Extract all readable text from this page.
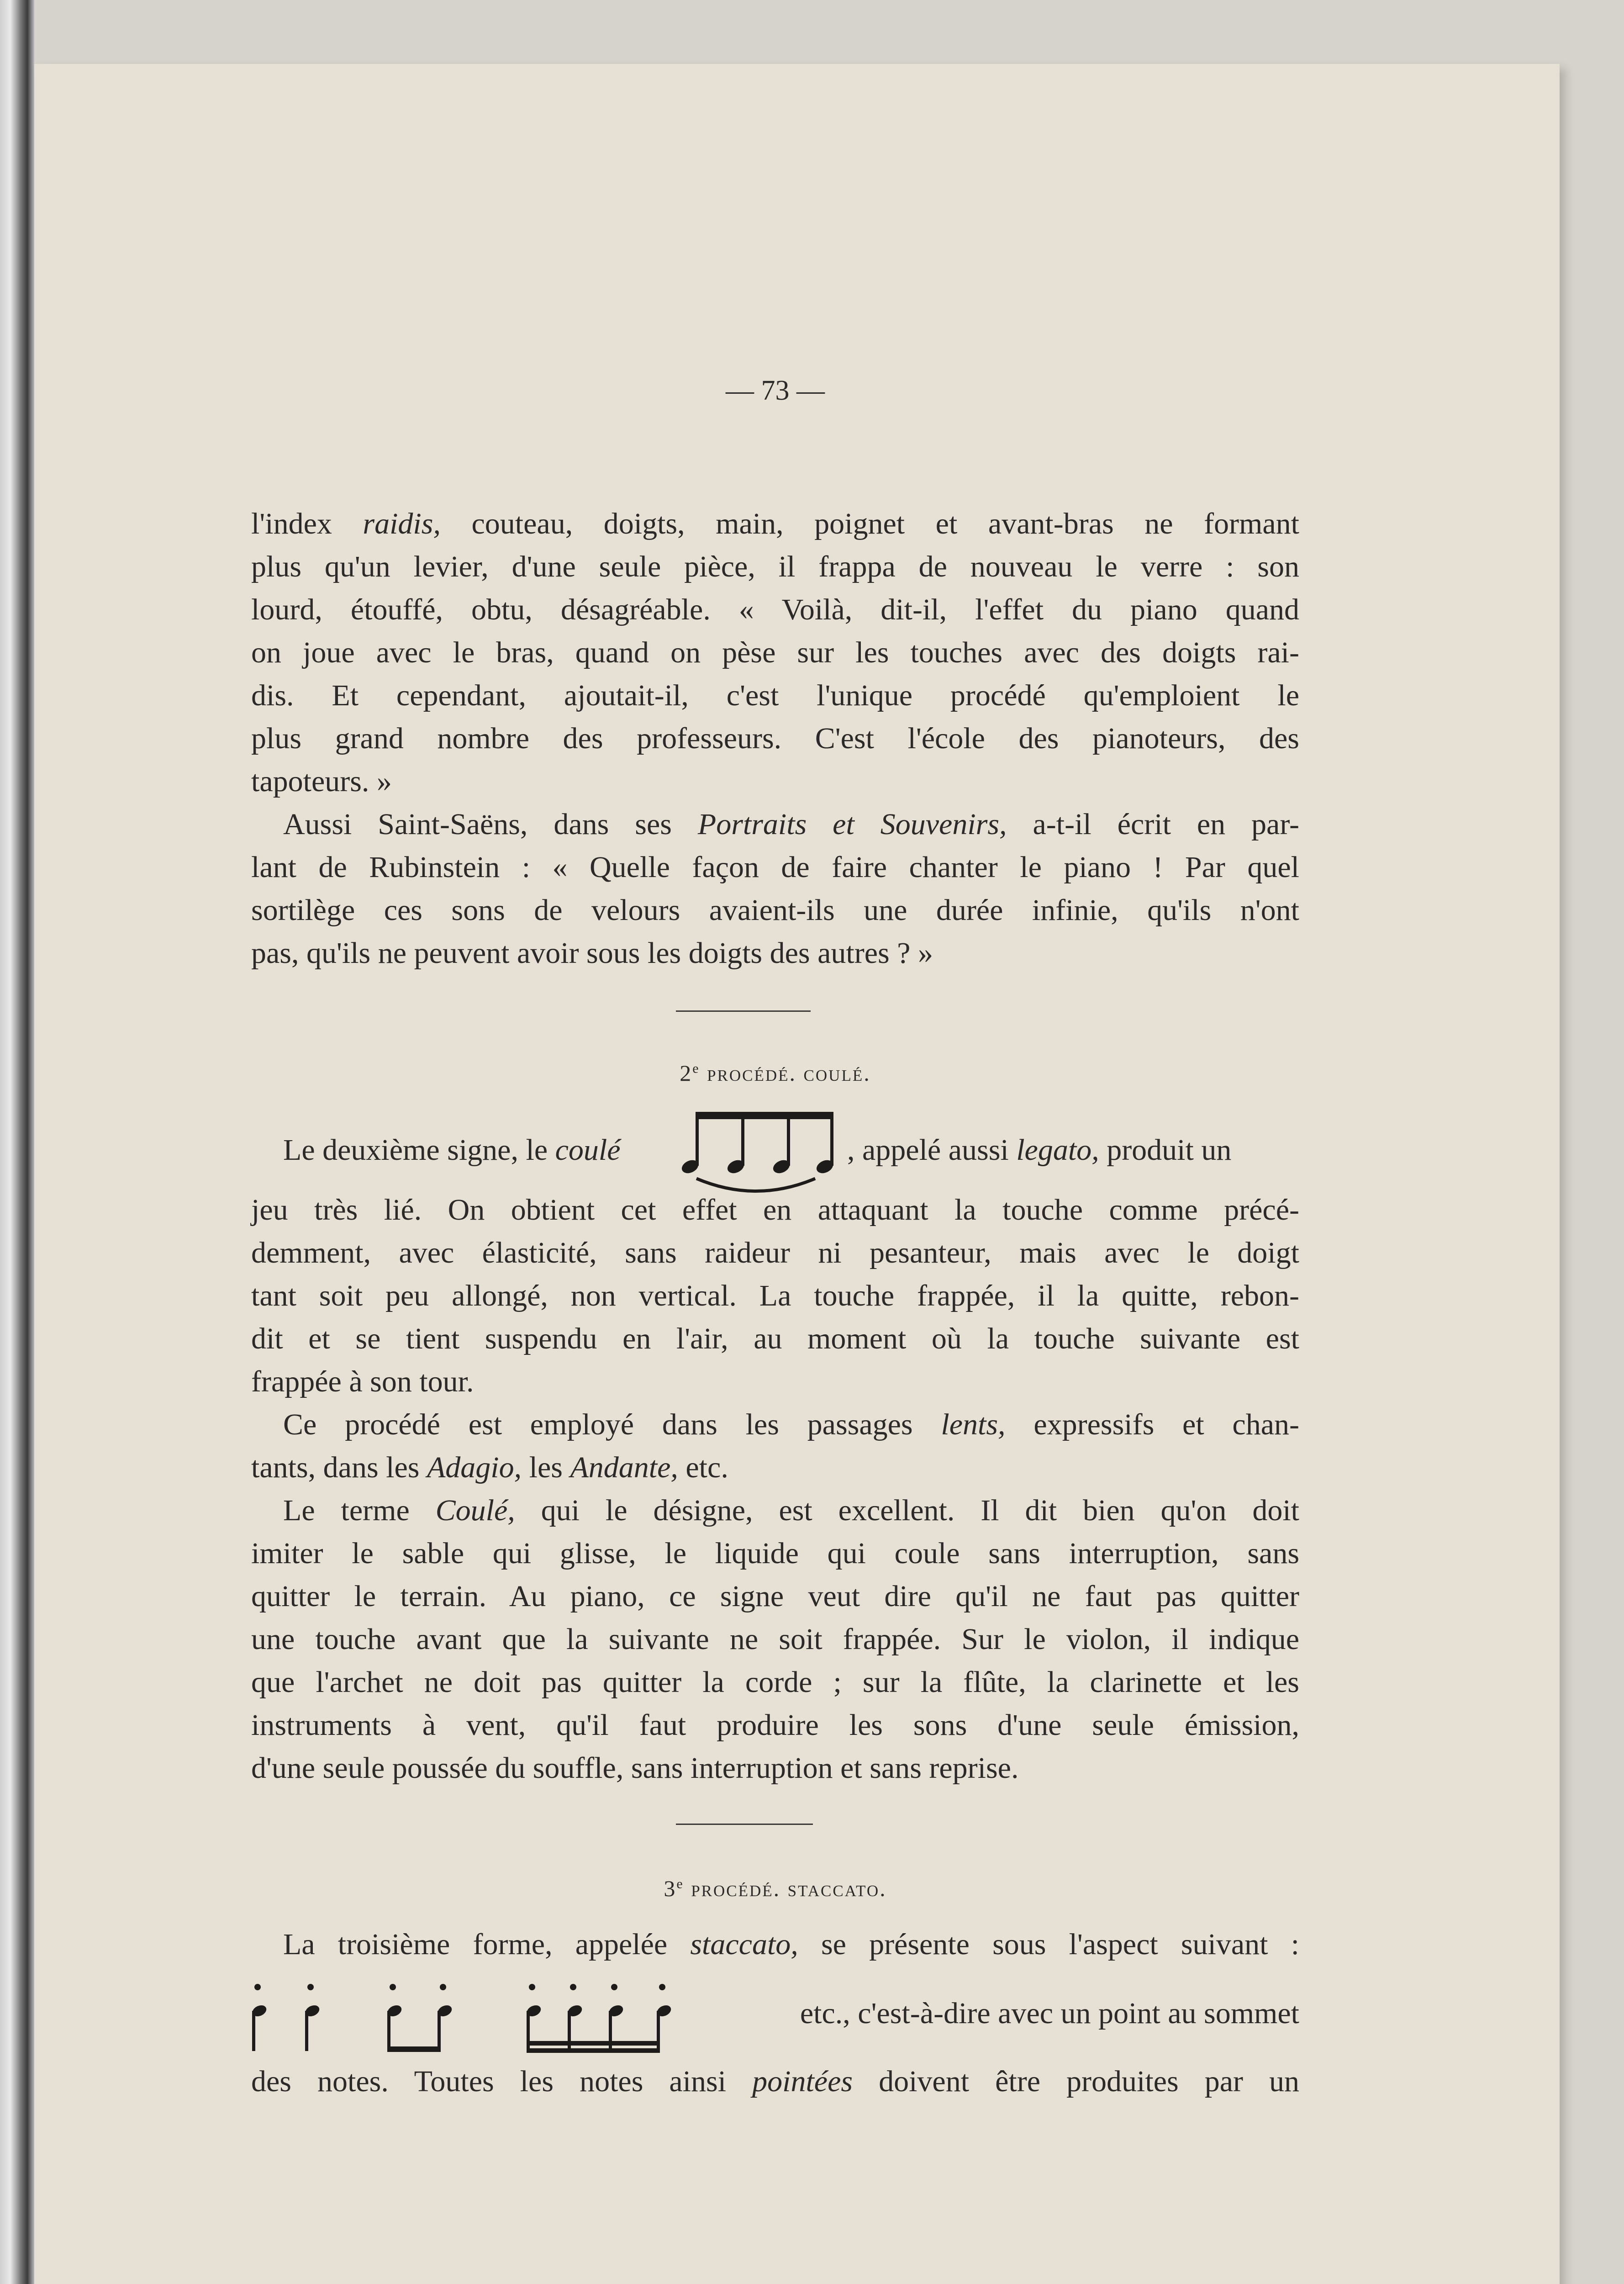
— 73 —
l'index raidis, couteau, doigts, main, poignet et avant-bras ne formant
plus qu'un levier, d'une seule pièce, il frappa de nouveau le verre : son
lourd, étouffé, obtu, désagréable. « Voilà, dit-il, l'effet du piano quand
on joue avec le bras, quand on pèse sur les touches avec des doigts rai-
dis. Et cependant, ajoutait-il, c'est l'unique procédé qu'emploient le
plus grand nombre des professeurs. C'est l'école des pianoteurs, des
tapoteurs. »
Aussi Saint-Saëns, dans ses Portraits et Souvenirs, a-t-il écrit en par-
lant de Rubinstein : « Quelle façon de faire chanter le piano ! Par quel
sortilège ces sons de velours avaient-ils une durée infinie, qu'ils n'ont
pas, qu'ils ne peuvent avoir sous les doigts des autres ? »
2e procédé. coulé.
Le deuxième signe, le coulé	, appelé aussi legato, produit un
jeu très lié. On obtient cet effet en attaquant la touche comme précé-
demment, avec élasticité, sans raideur ni pesanteur, mais avec le doigt
tant soit peu allongé, non vertical. La touche frappée, il la quitte, rebon-
dit et se tient suspendu en l'air, au moment où la touche suivante est
frappée à son tour.
Ce procédé est employé dans les passages lents, expressifs et chan-
tants, dans les Adagio, les Andante, etc.
Le terme Coulé, qui le désigne, est excellent. Il dit bien qu'on doit
imiter le sable qui glisse, le liquide qui coule sans interruption, sans
quitter le terrain. Au piano, ce signe veut dire qu'il ne faut pas quitter
une touche avant que la suivante ne soit frappée. Sur le violon, il indique
que l'archet ne doit pas quitter la corde ; sur la flûte, la clarinette et les
instruments à vent, qu'il faut produire les sons d'une seule émission,
d'une seule poussée du souffle, sans interruption et sans reprise.
3e procédé. staccato.
La troisième forme, appelée staccato, se présente sous l'aspect suivant :
etc., c'est-à-dire avec un point au sommet
des notes. Toutes les notes ainsi pointées doivent être produites par un
